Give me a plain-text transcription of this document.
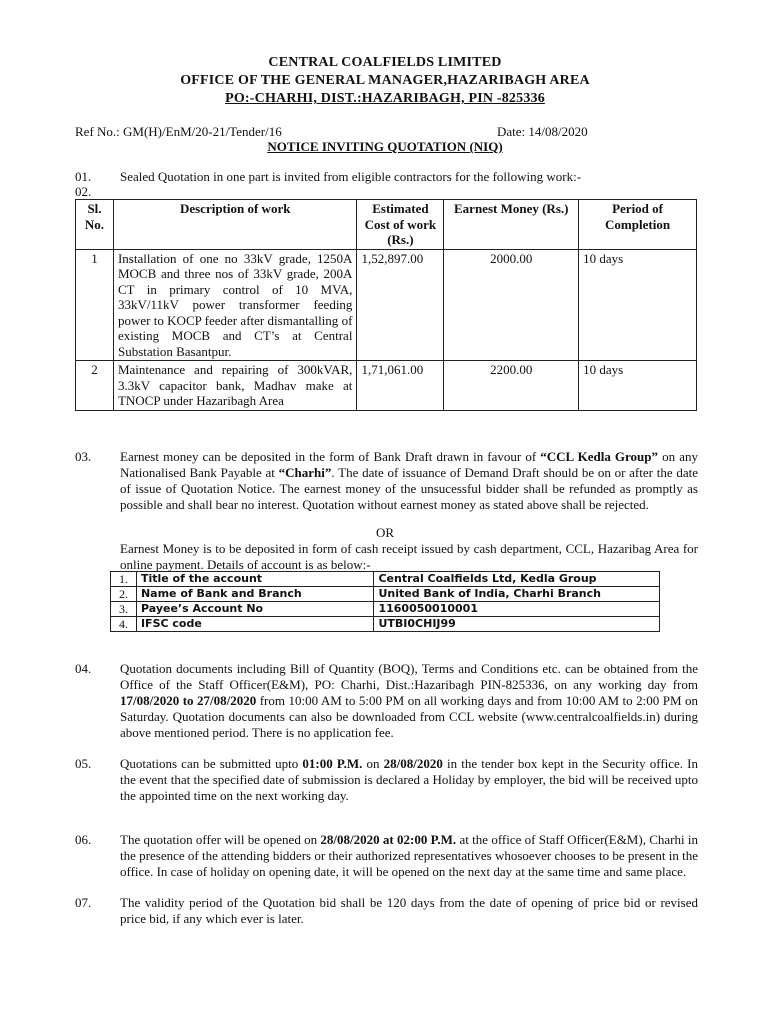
CENTRAL COALFIELDS LIMITED
OFFICE OF THE GENERAL MANAGER,HAZARIBAGH AREA
PO:-CHARHI, DIST.:HAZARIBAGH, PIN -825336
Ref No.: GM(H)/EnM/20-21/Tender/16	Date: 14/08/2020
NOTICE INVITING QUOTATION (NIQ)
01. Sealed Quotation in one part is invited from eligible contractors for the following work:-
02.
Sl. No.	Description of work	Estimated Cost of work (Rs.)	Earnest Money (Rs.)	Period of Completion
1	Installation of one no 33kV grade, 1250A MOCB and three nos of 33kV grade, 200A CT in primary control of 10 MVA, 33kV/11kV power transformer feeding power to KOCP feeder after dismantalling of existing MOCB and CT’s at Central Substation Basantpur.	1,52,897.00	2000.00	10 days
2	Maintenance and repairing of 300kVAR, 3.3kV capacitor bank, Madhav make at TNOCP under Hazaribagh Area	1,71,061.00	2200.00	10 days
03. Earnest money can be deposited in the form of Bank Draft drawn in favour of “CCL Kedla Group” on any Nationalised Bank Payable at “Charhi”. The date of issuance of Demand Draft should be on or after the date of issue of Quotation Notice. The earnest money of the unsucessful bidder shall be refunded as promptly as possible and shall bear no interest. Quotation without earnest money as stated above shall be rejected.
OR
Earnest Money is to be deposited in form of cash receipt issued by cash department, CCL, Hazaribag Area for online payment. Details of account is as below:-
1.	Title of the account	Central Coalfields Ltd, Kedla Group
2.	Name of Bank and Branch	United Bank of India, Charhi Branch
3.	Payee’s Account No	1160050010001
4.	IFSC code	UTBI0CHIJ99
04. Quotation documents including Bill of Quantity (BOQ), Terms and Conditions etc. can be obtained from the Office of the Staff Officer(E&M), PO: Charhi, Dist.:Hazaribagh PIN-825336, on any working day from 17/08/2020 to 27/08/2020 from 10:00 AM to 5:00 PM on all working days and from 10:00 AM to 2:00 PM on Saturday. Quotation documents can also be downloaded from CCL website (www.centralcoalfields.in) during above mentioned period. There is no application fee.
05. Quotations can be submitted upto 01:00 P.M. on 28/08/2020 in the tender box kept in the Security office. In the event that the specified date of submission is declared a Holiday by employer, the bid will be received upto the appointed time on the next working day.
06. The quotation offer will be opened on 28/08/2020 at 02:00 P.M. at the office of Staff Officer(E&M), Charhi in the presence of the attending bidders or their authorized representatives whosoever chooses to be present in the office. In case of holiday on opening date, it will be opened on the next day at the same time and same place.
07. The validity period of the Quotation bid shall be 120 days from the date of opening of price bid or revised price bid, if any which ever is later.
